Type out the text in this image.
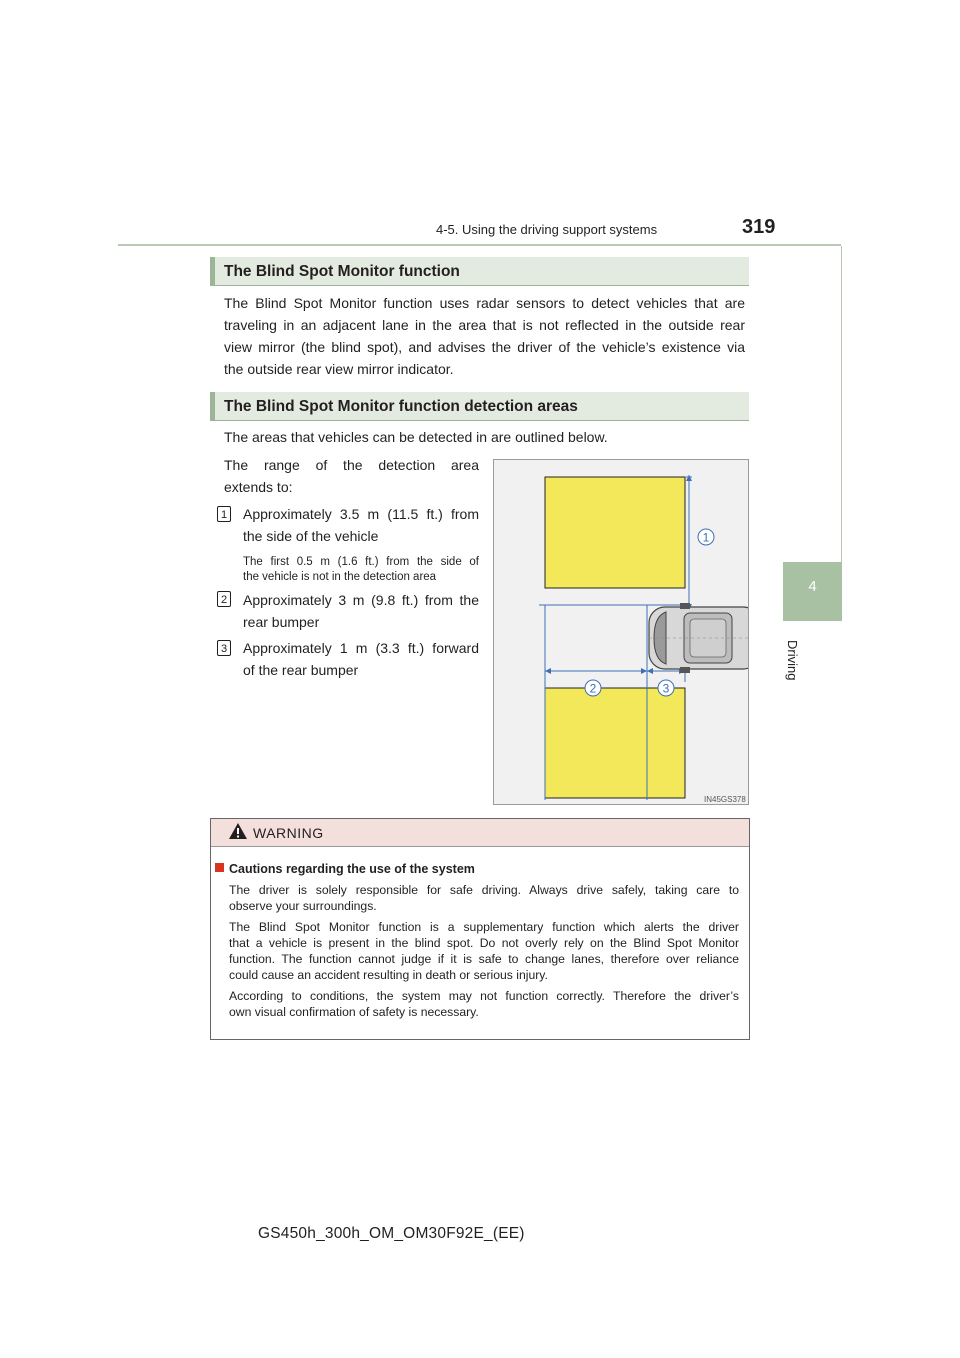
4-5. Using the driving support systems	319
4
Driving
The Blind Spot Monitor function
The Blind Spot Monitor function uses radar sensors to detect vehicles that are
traveling in an adjacent lane in the area that is not reflected in the outside rear
view mirror (the blind spot), and advises the driver of the vehicle’s existence via
the outside rear view mirror indicator.
The Blind Spot Monitor function detection areas
The areas that vehicles can be detected in are outlined below.
The range of the detection area
extends to:
1 Approximately 3.5 m (11.5 ft.) from
the side of the vehicle
The first 0.5 m (1.6 ft.) from the side of
the vehicle is not in the detection area
2 Approximately 3 m (9.8 ft.) from the
rear bumper
3 Approximately 1 m (3.3 ft.) forward
of the rear bumper
1
2	3
IN45GS378
WARNING
Cautions regarding the use of the system
The driver is solely responsible for safe driving. Always drive safely, taking care to
observe your surroundings.
The Blind Spot Monitor function is a supplementary function which alerts the driver
that a vehicle is present in the blind spot. Do not overly rely on the Blind Spot Monitor
function. The function cannot judge if it is safe to change lanes, therefore over reliance
could cause an accident resulting in death or serious injury.
According to conditions, the system may not function correctly. Therefore the driver’s
own visual confirmation of safety is necessary.
GS450h_300h_OM_OM30F92E_(EE)
